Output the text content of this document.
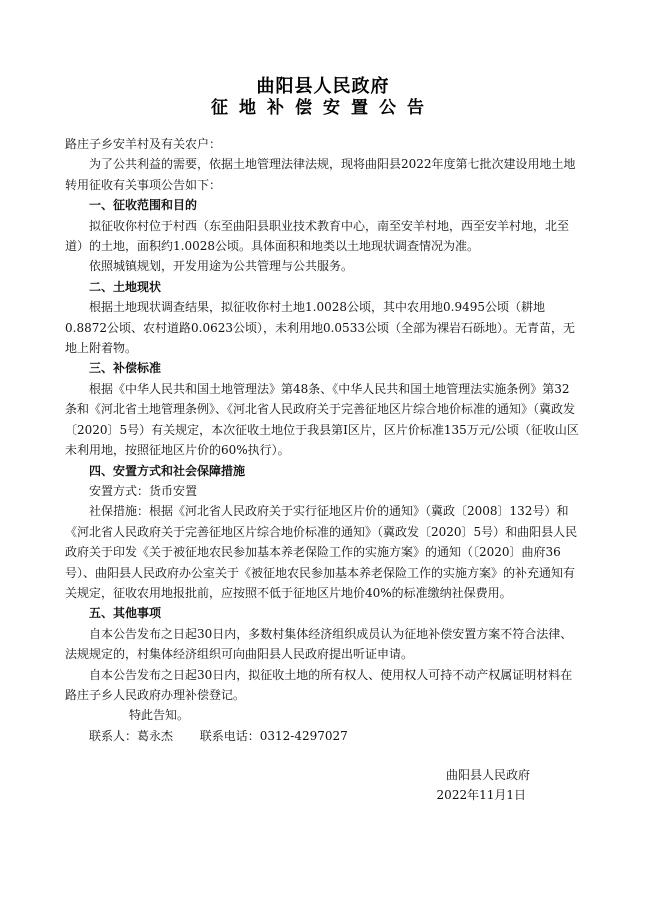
曲阳县人民政府
征地补偿安置公告

路庄子乡安羊村及有关农户：

为了公共利益的需要，依据土地管理法律法规，现将曲阳县2022年度第七批次建设用地土地转用征收有关事项公告如下：

一、征收范围和目的

拟征收你村位于村西（东至曲阳县职业技术教育中心，南至安羊村地，西至安羊村地，北至道）的土地，面积约1.0028公顷。具体面积和地类以土地现状调查情况为准。

依照城镇规划，开发用途为公共管理与公共服务。

二、土地现状

根据土地现状调查结果，拟征收你村土地1.0028公顷，其中农用地0.9495公顷（耕地0.8872公顷、农村道路0.0623公顷），未利用地0.0533公顷（全部为裸岩石砾地）。无青苗，无地上附着物。

三、补偿标准

根据《中华人民共和国土地管理法》第48条、《中华人民共和国土地管理法实施条例》第32条和《河北省土地管理条例》、《河北省人民政府关于完善征地区片综合地价标准的通知》（冀政发〔2020〕5号）有关规定，本次征收土地位于我县第Ⅰ区片，区片价标准135万元/公顷（征收山区未利用地，按照征地区片价的60%执行）。

四、安置方式和社会保障措施

安置方式：货币安置

社保措施：根据《河北省人民政府关于实行征地区片价的通知》（冀政〔2008〕132号）和《河北省人民政府关于完善征地区片综合地价标准的通知》（冀政发〔2020〕5号）和曲阳县人民政府关于印发《关于被征地农民参加基本养老保险工作的实施方案》的通知（〔2020〕曲府36号）、曲阳县人民政府办公室关于《被征地农民参加基本养老保险工作的实施方案》的补充通知有关规定，征收农用地报批前，应按照不低于征地区片地价40%的标准缴纳社保费用。

五、其他事项

自本公告发布之日起30日内，多数村集体经济组织成员认为征地补偿安置方案不符合法律、法规规定的，村集体经济组织可向曲阳县人民政府提出听证申请。

自本公告发布之日起30日内，拟征收土地的所有权人、使用权人可持不动产权属证明材料在路庄子乡人民政府办理补偿登记。

特此告知。

联系人：葛永杰 联系电话：0312-4297027

曲阳县人民政府
2022年11月1日
